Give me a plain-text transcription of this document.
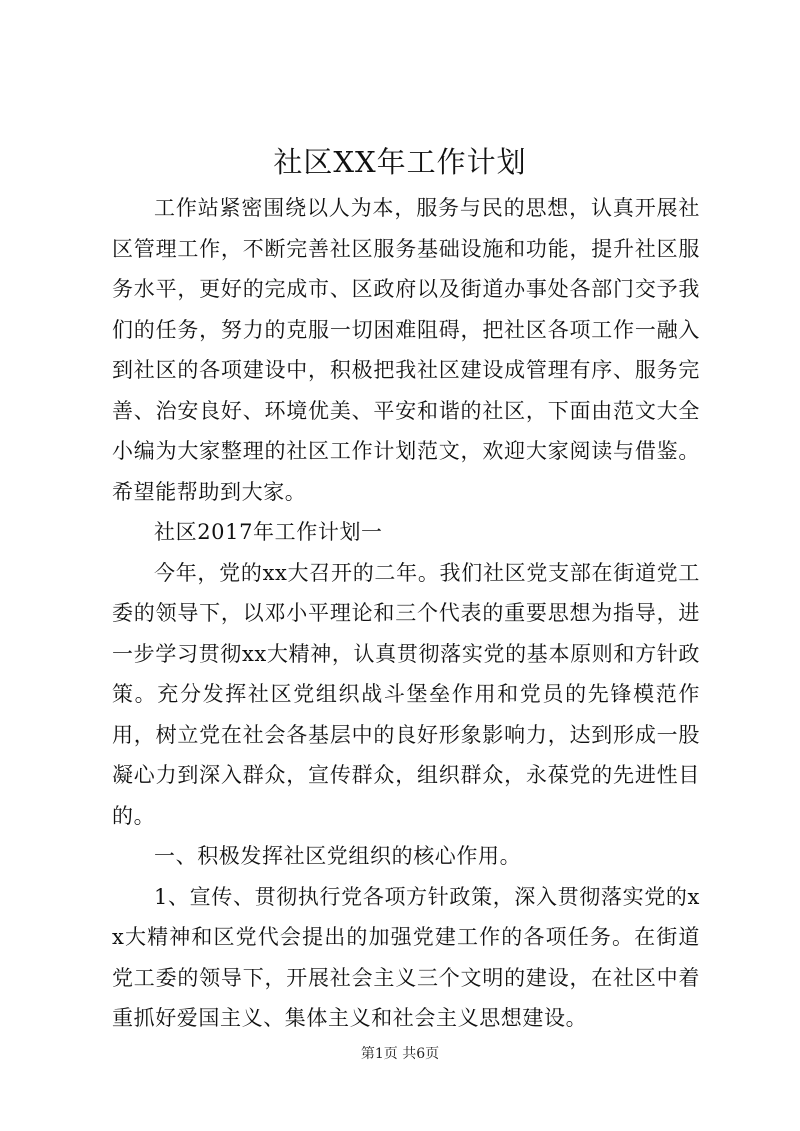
社区XX年工作计划

工作站紧密围绕以人为本，服务与民的思想，认真开展社区管理工作，不断完善社区服务基础设施和功能，提升社区服务水平，更好的完成市、区政府以及街道办事处各部门交予我们的任务，努力的克服一切困难阻碍，把社区各项工作一融入到社区的各项建设中，积极把我社区建设成管理有序、服务完善、治安良好、环境优美、平安和谐的社区，下面由范文大全小编为大家整理的社区工作计划范文，欢迎大家阅读与借鉴。希望能帮助到大家。

社区2017年工作计划一

今年，党的xx大召开的二年。我们社区党支部在街道党工委的领导下，以邓小平理论和三个代表的重要思想为指导，进一步学习贯彻xx大精神，认真贯彻落实党的基本原则和方针政策。充分发挥社区党组织战斗堡垒作用和党员的先锋模范作用，树立党在社会各基层中的良好形象影响力，达到形成一股凝心力到深入群众，宣传群众，组织群众，永葆党的先进性目的。

一、积极发挥社区党组织的核心作用。

1、宣传、贯彻执行党各项方针政策，深入贯彻落实党的xx大精神和区党代会提出的加强党建工作的各项任务。在街道党工委的领导下，开展社会主义三个文明的建设，在社区中着重抓好爱国主义、集体主义和社会主义思想建设。

第1页 共6页
